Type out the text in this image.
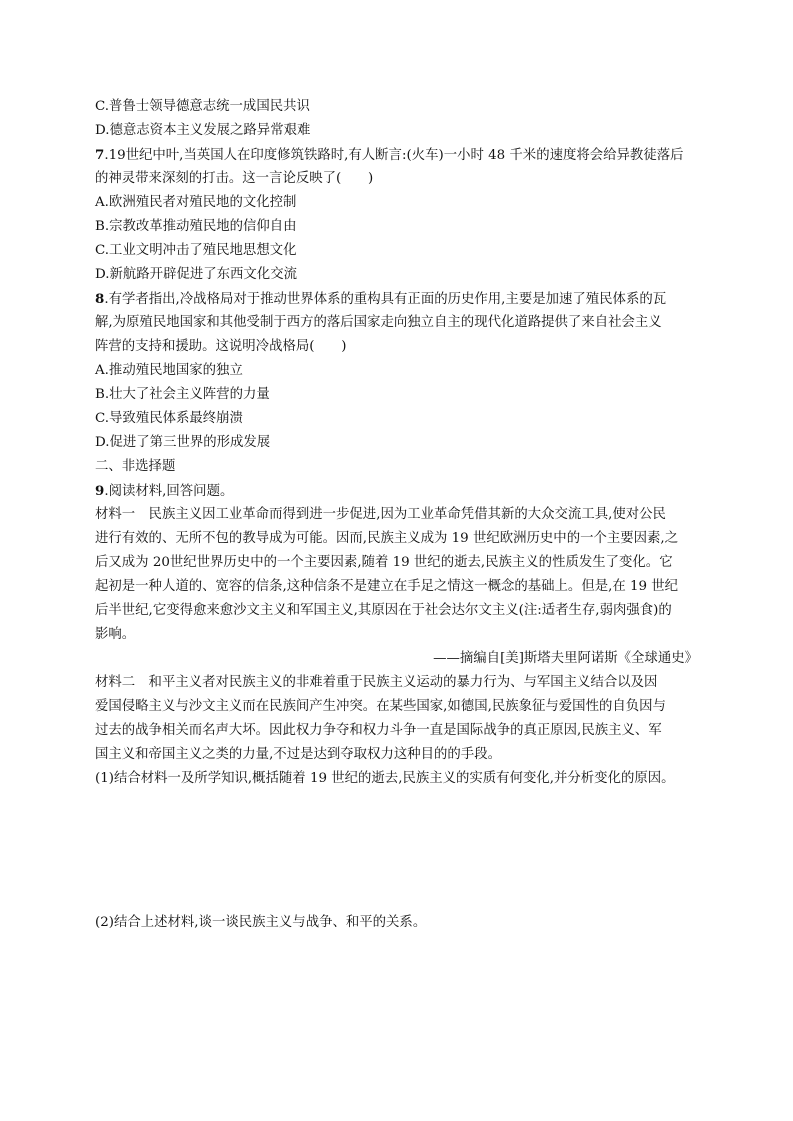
C.普鲁士领导德意志统一成国民共识
D.德意志资本主义发展之路异常艰难
7.19世纪中叶,当英国人在印度修筑铁路时,有人断言:(火车)一小时 48 千米的速度将会给异教徒落后
的神灵带来深刻的打击。这一言论反映了(　　)
A.欧洲殖民者对殖民地的文化控制
B.宗教改革推动殖民地的信仰自由
C.工业文明冲击了殖民地思想文化
D.新航路开辟促进了东西文化交流
8.有学者指出,冷战格局对于推动世界体系的重构具有正面的历史作用,主要是加速了殖民体系的瓦
解,为原殖民地国家和其他受制于西方的落后国家走向独立自主的现代化道路提供了来自社会主义
阵营的支持和援助。这说明冷战格局(　　)
A.推动殖民地国家的独立
B.壮大了社会主义阵营的力量
C.导致殖民体系最终崩溃
D.促进了第三世界的形成发展
二、非选择题
9.阅读材料,回答问题。
材料一　民族主义因工业革命而得到进一步促进,因为工业革命凭借其新的大众交流工具,使对公民
进行有效的、无所不包的教导成为可能。因而,民族主义成为 19 世纪欧洲历史中的一个主要因素,之
后又成为 20世纪世界历史中的一个主要因素,随着 19 世纪的逝去,民族主义的性质发生了变化。它
起初是一种人道的、宽容的信条,这种信条不是建立在手足之情这一概念的基础上。但是,在 19 世纪
后半世纪,它变得愈来愈沙文主义和军国主义,其原因在于社会达尔文主义(注:适者生存,弱肉强食)的
影响。
——摘编自[美]斯塔夫里阿诺斯《全球通史》
材料二　和平主义者对民族主义的非难着重于民族主义运动的暴力行为、与军国主义结合以及因
爱国侵略主义与沙文主义而在民族间产生冲突。在某些国家,如德国,民族象征与爱国性的自负因与
过去的战争相关而名声大坏。因此权力争夺和权力斗争一直是国际战争的真正原因,民族主义、军
国主义和帝国主义之类的力量,不过是达到夺取权力这种目的的手段。
(1)结合材料一及所学知识,概括随着 19 世纪的逝去,民族主义的实质有何变化,并分析变化的原因。
(2)结合上述材料,谈一谈民族主义与战争、和平的关系。
